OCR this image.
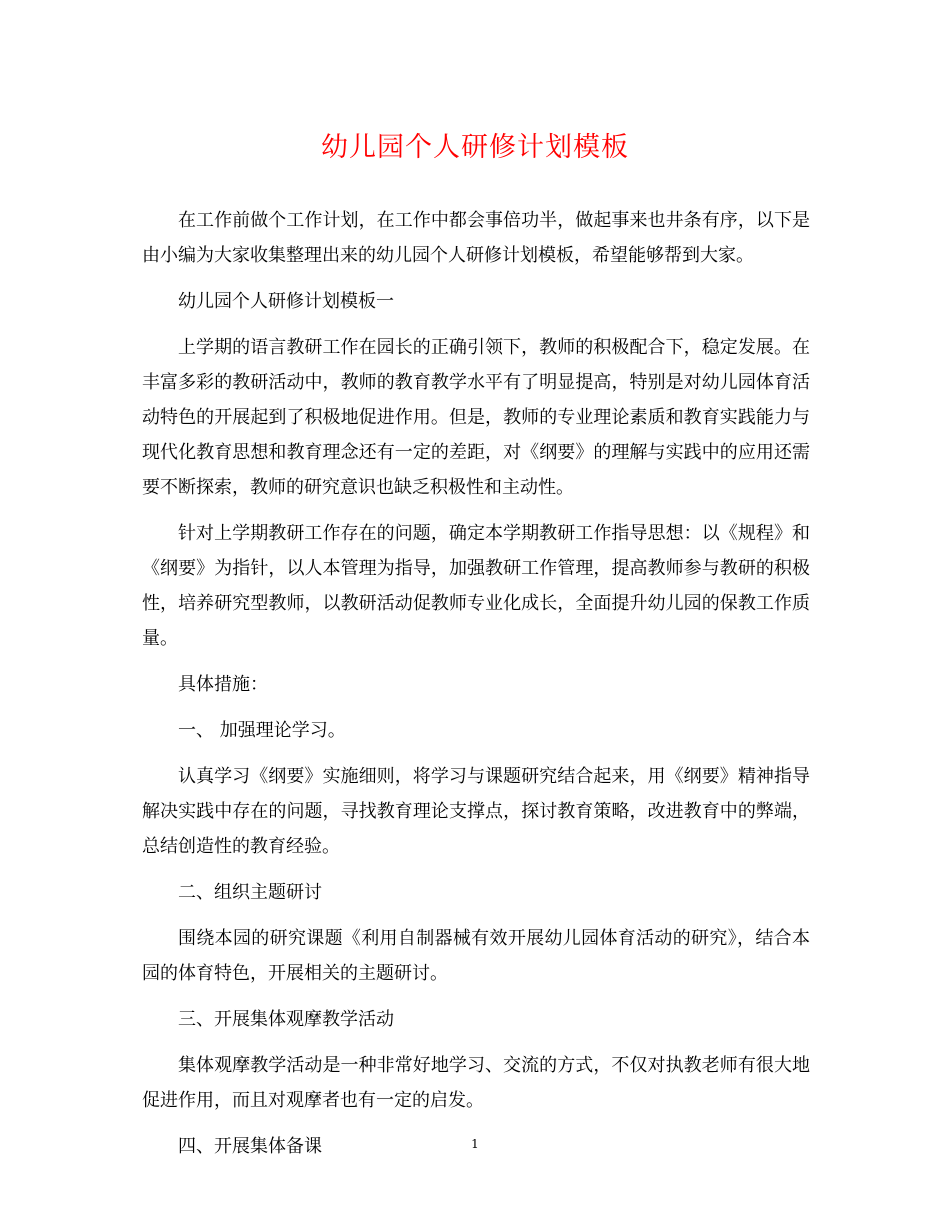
幼儿园个人研修计划模板

在工作前做个工作计划，在工作中都会事倍功半，做起事来也井条有序，以下是由小编为大家收集整理出来的幼儿园个人研修计划模板，希望能够帮到大家。

幼儿园个人研修计划模板一

上学期的语言教研工作在园长的正确引领下，教师的积极配合下，稳定发展。在丰富多彩的教研活动中，教师的教育教学水平有了明显提高，特别是对幼儿园体育活动特色的开展起到了积极地促进作用。但是，教师的专业理论素质和教育实践能力与现代化教育思想和教育理念还有一定的差距，对《纲要》的理解与实践中的应用还需要不断探索，教师的研究意识也缺乏积极性和主动性。

针对上学期教研工作存在的问题，确定本学期教研工作指导思想：以《规程》和《纲要》为指针，以人本管理为指导，加强教研工作管理，提高教师参与教研的积极性，培养研究型教师，以教研活动促教师专业化成长，全面提升幼儿园的保教工作质量。

具体措施：

一、 加强理论学习。

认真学习《纲要》实施细则，将学习与课题研究结合起来，用《纲要》精神指导解决实践中存在的问题，寻找教育理论支撑点，探讨教育策略，改进教育中的弊端，总结创造性的教育经验。

二、组织主题研讨

围绕本园的研究课题《利用自制器械有效开展幼儿园体育活动的研究》，结合本园的体育特色，开展相关的主题研讨。

三、开展集体观摩教学活动

集体观摩教学活动是一种非常好地学习、交流的方式，不仅对执教老师有很大地促进作用，而且对观摩者也有一定的启发。

四、开展集体备课	1
